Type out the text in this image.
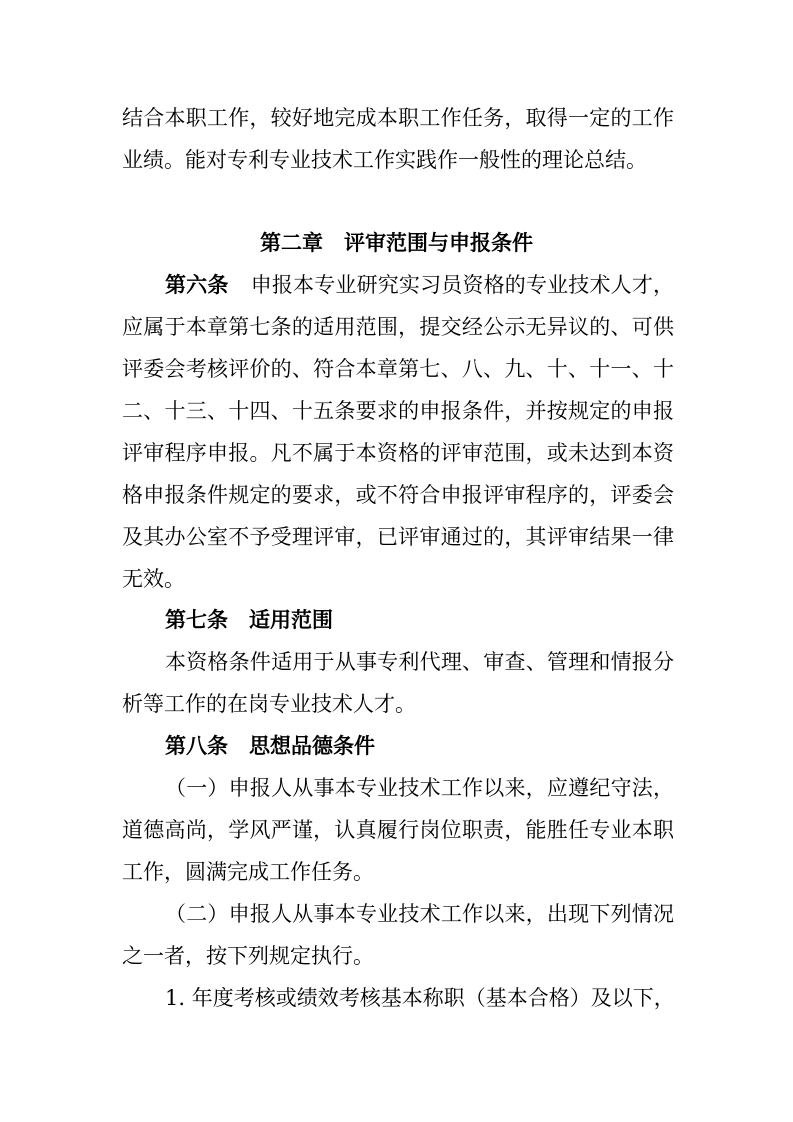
结合本职工作，较好地完成本职工作任务，取得一定的工作
业绩。能对专利专业技术工作实践作一般性的理论总结。
第二章　评审范围与申报条件
第六条 申报本专业研究实习员资格的专业技术人才，
应属于本章第七条的适用范围，提交经公示无异议的、可供
评委会考核评价的、符合本章第七、八、九、十、十一、十
二、十三、十四、十五条要求的申报条件，并按规定的申报
评审程序申报。凡不属于本资格的评审范围，或未达到本资
格申报条件规定的要求，或不符合申报评审程序的，评委会
及其办公室不予受理评审，已评审通过的，其评审结果一律
无效。
第七条　适用范围
本资格条件适用于从事专利代理、审查、管理和情报分
析等工作的在岗专业技术人才。
第八条　思想品德条件
（一）申报人从事本专业技术工作以来，应遵纪守法，
道德高尚，学风严谨，认真履行岗位职责，能胜任专业本职
工作，圆满完成工作任务。
（二）申报人从事本专业技术工作以来，出现下列情况
之一者，按下列规定执行。
1. 年度考核或绩效考核基本称职（基本合格）及以下，
